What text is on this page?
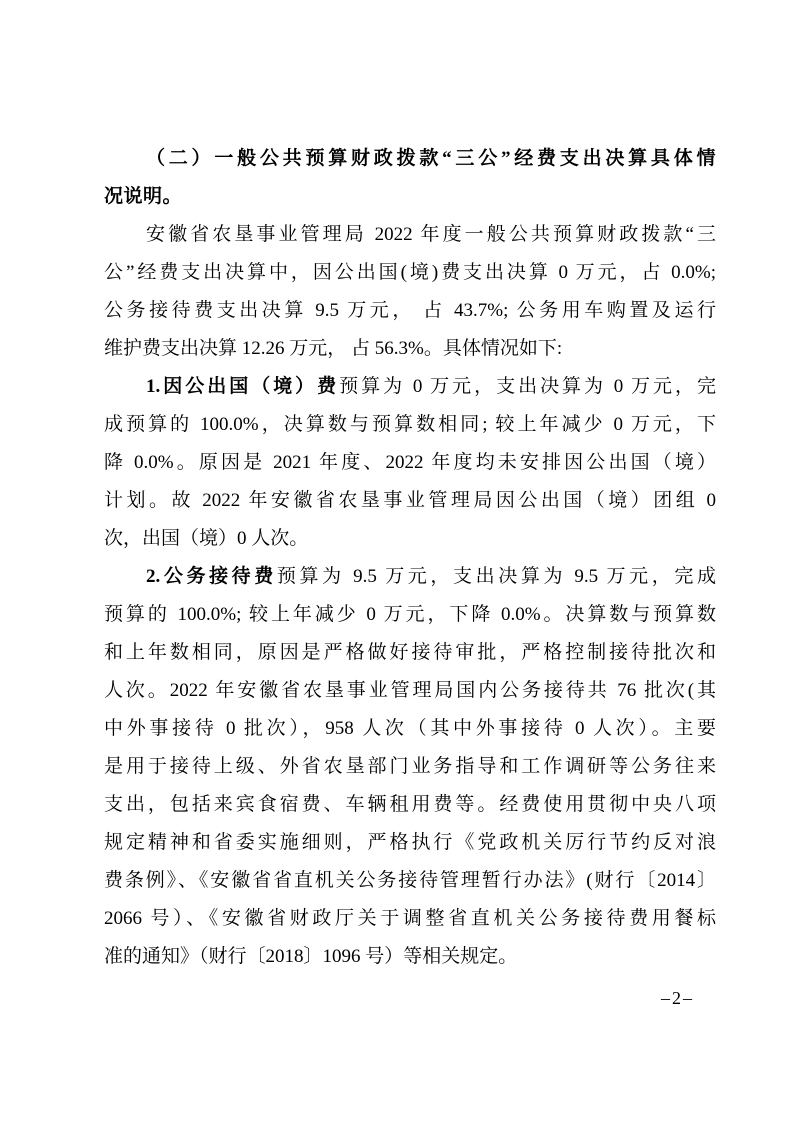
（二）一般公共预算财政拨款“三公”经费支出决算具体情
况说明。
安徽省农垦事业管理局 2022 年度一般公共预算财政拨款“三
公”经费支出决算中，因公出国(境)费支出决算 0 万元，占 0.0%;
公务接待费支出决算 9.5 万元， 占 43.7%; 公务用车购置及运行
维护费支出决算 12.26 万元， 占 56.3%。具体情况如下:
1.因公出国（境）费预算为 0 万元，支出决算为 0 万元，完
成预算的 100.0%，决算数与预算数相同; 较上年减少 0 万元，下
降 0.0%。原因是 2021 年度、2022 年度均未安排因公出国（境）
计划。故 2022 年安徽省农垦事业管理局因公出国（境）团组 0
次，出国（境）0 人次。
2.公务接待费预算为 9.5 万元，支出决算为 9.5 万元，完成
预算的 100.0%; 较上年减少 0 万元，下降 0.0%。决算数与预算数
和上年数相同，原因是严格做好接待审批，严格控制接待批次和
人次。2022 年安徽省农垦事业管理局国内公务接待共 76 批次(其
中外事接待 0 批次），958 人次（其中外事接待 0 人次）。主要
是用于接待上级、外省农垦部门业务指导和工作调研等公务往来
支出，包括来宾食宿费、车辆租用费等。经费使用贯彻中央八项
规定精神和省委实施细则，严格执行《党政机关厉行节约反对浪
费条例》、《安徽省省直机关公务接待管理暂行办法》(财行〔2014〕
2066 号）、《安徽省财政厅关于调整省直机关公务接待费用餐标
准的通知》（财行〔2018〕1096 号）等相关规定。
–2–
